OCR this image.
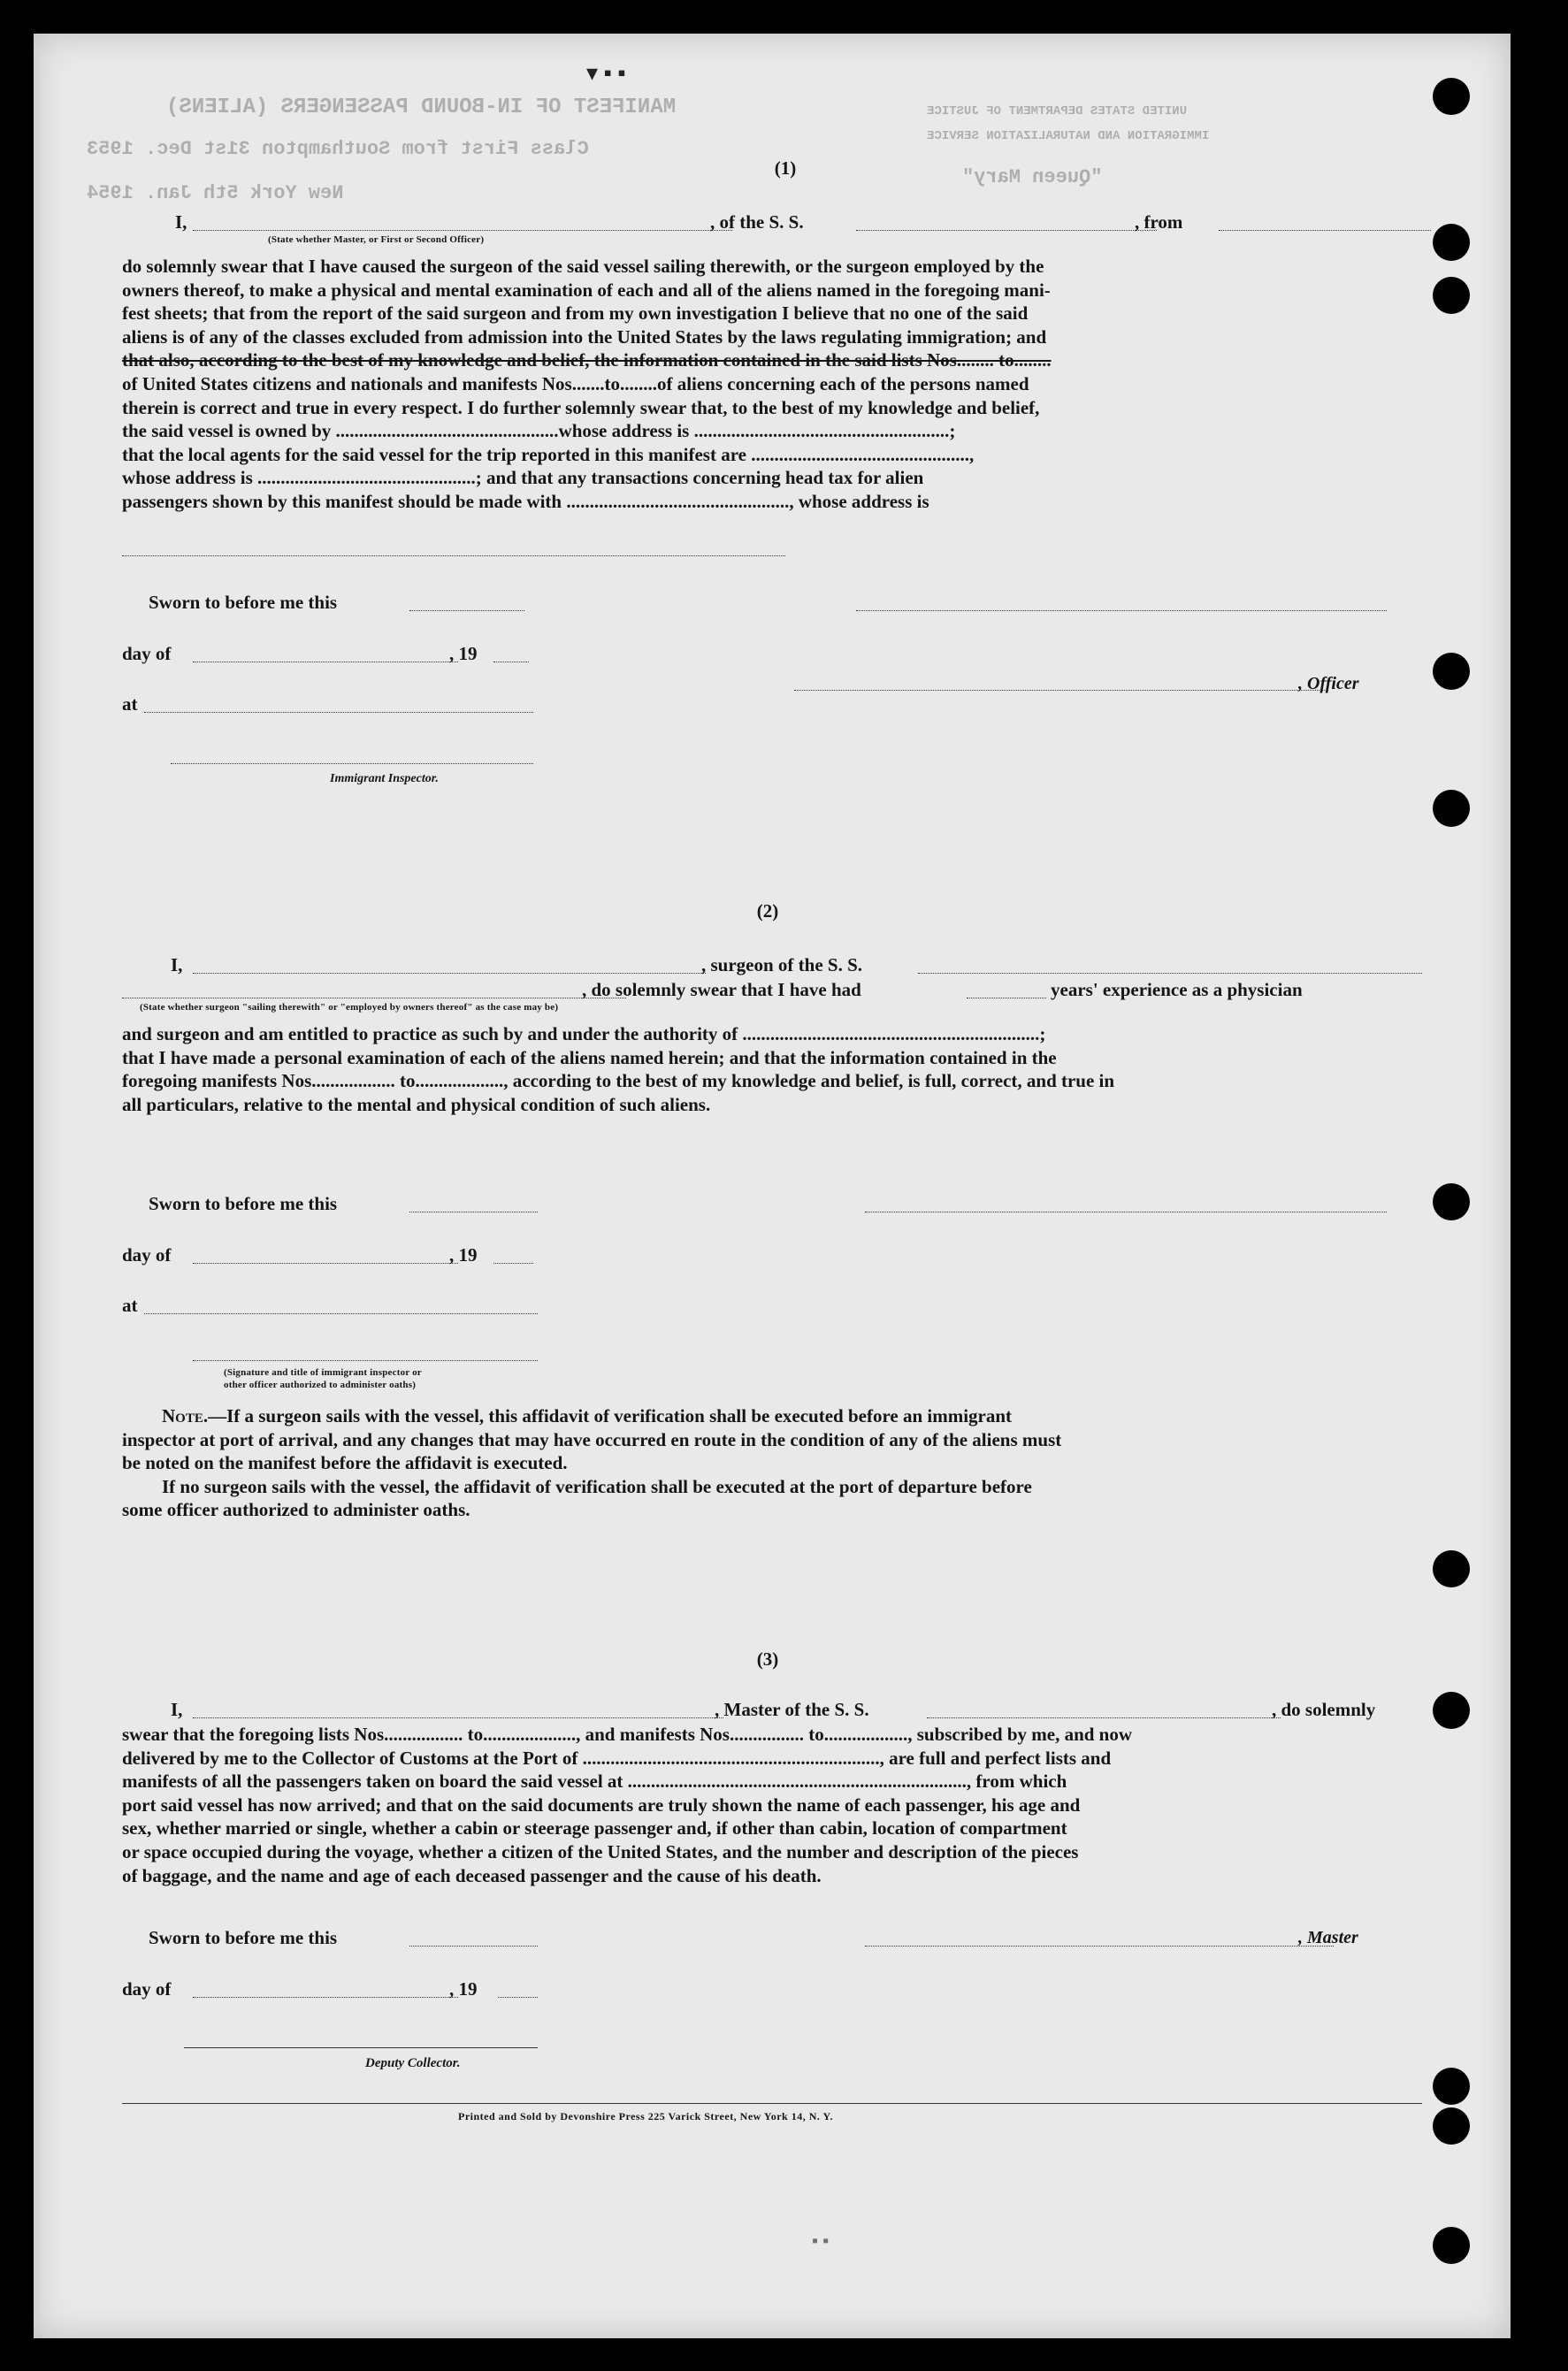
MANIFEST OF IN-BOUND PASSENGERS (ALIENS)
Class First from Southampton 31st Dec. 1953
New York 5th Jan. 1954
UNITED STATES DEPARTMENT OF JUSTICE
IMMIGRATION AND NATURALIZATION SERVICE
"Queen Mary"
▾ ▪ ▪
(1)
I,	, of the S. S.	, from
(State whether Master, or First or Second Officer)
do solemnly swear that I have caused the surgeon of the said vessel sailing therewith, or the surgeon employed by the
owners thereof, to make a physical and mental examination of each and all of the aliens named in the foregoing mani-
fest sheets; that from the report of the said surgeon and from my own investigation I believe that no one of the said
aliens is of any of the classes excluded from admission into the United States by the laws regulating immigration; and
that also, according to the best of my knowledge and belief, the information contained in the said lists Nos........ to........
of United States citizens and nationals and manifests Nos.......to........of aliens concerning each of the persons named
therein is correct and true in every respect. I do further solemnly swear that, to the best of my knowledge and belief,
the said vessel is owned by ................................................whose address is .......................................................;
that the local agents for the said vessel for the trip reported in this manifest are ...............................................,
whose address is ...............................................; and that any transactions concerning head tax for alien
passengers shown by this manifest should be made with ................................................, whose address is
Sworn to before me this
day of	, 19
at
, Officer
Immigrant Inspector.
(2)
I,	, surgeon of the S. S.
, do solemnly swear that I have had	years' experience as a physician
(State whether surgeon "sailing therewith" or "employed by owners thereof" as the case may be)
and surgeon and am entitled to practice as such by and under the authority of ................................................................;
that I have made a personal examination of each of the aliens named herein; and that the information contained in the
foregoing manifests Nos.................. to..................., according to the best of my knowledge and belief, is full, correct, and true in
all particulars, relative to the mental and physical condition of such aliens.
Sworn to before me this
day of	, 19
at
(Signature and title of immigrant inspector or
other officer authorized to administer oaths)
Note.—If a surgeon sails with the vessel, this affidavit of verification shall be executed before an immigrant
inspector at port of arrival, and any changes that may have occurred en route in the condition of any of the aliens must
be noted on the manifest before the affidavit is executed.
If no surgeon sails with the vessel, the affidavit of verification shall be executed at the port of departure before
some officer authorized to administer oaths.
(3)
I,	, Master of the S. S.	, do solemnly
swear that the foregoing lists Nos................. to...................., and manifests Nos................ to.................., subscribed by me, and now
delivered by me to the Collector of Customs at the Port of ................................................................, are full and perfect lists and
manifests of all the passengers taken on board the said vessel at ........................................................................., from which
port said vessel has now arrived; and that on the said documents are truly shown the name of each passenger, his age and
sex, whether married or single, whether a cabin or steerage passenger and, if other than cabin, location of compartment
or space occupied during the voyage, whether a citizen of the United States, and the number and description of the pieces
of baggage, and the name and age of each deceased passenger and the cause of his death.
Sworn to before me this	, Master
day of	, 19
Deputy Collector.
Printed and Sold by Devonshire Press 225 Varick Street, New York 14, N. Y.
▪ ▪
